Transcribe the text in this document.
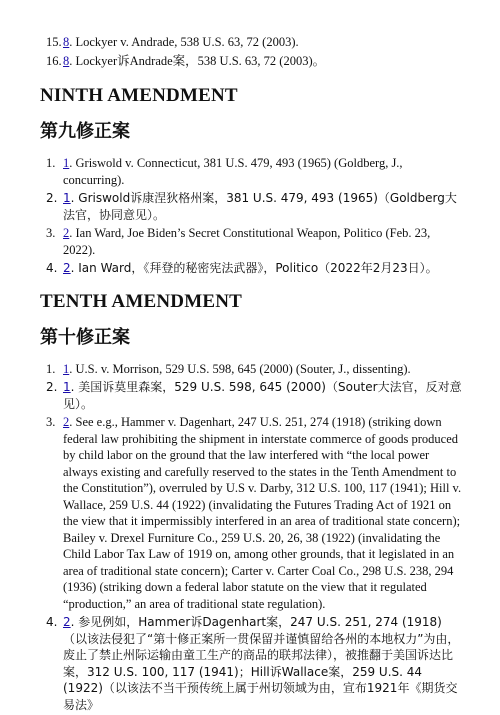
15. 8. Lockyer v. Andrade, 538 U.S. 63, 72 (2003).
16. 8. Lockyer诉Andrade案，538 U.S. 63, 72 (2003)。
NINTH AMENDMENT
第九修正案
1. 1. Griswold v. Connecticut, 381 U.S. 479, 493 (1965) (Goldberg, J., concurring).
2. 1. Griswold诉康涅狄格州案，381 U.S. 479, 493 (1965)（Goldberg大法官，协同意见）。
3. 2. Ian Ward, Joe Biden’s Secret Constitutional Weapon, Politico (Feb. 23, 2022).
4. 2. Ian Ward，《拜登的秘密宪法武器》，Politico（2022年2月23日）。
TENTH AMENDMENT
第十修正案
1. 1. U.S. v. Morrison, 529 U.S. 598, 645 (2000) (Souter, J., dissenting).
2. 1. 美国诉莫里森案，529 U.S. 598, 645 (2000)（Souter大法官，反对意见）。
3. 2. See e.g., Hammer v. Dagenhart, 247 U.S. 251, 274 (1918) (striking down federal law prohibiting the shipment in interstate commerce of goods produced by child labor on the ground that the law interfered with “the local power always existing and carefully reserved to the states in the Tenth Amendment to the Constitution”), overruled by U.S v. Darby, 312 U.S. 100, 117 (1941); Hill v. Wallace, 259 U.S. 44 (1922) (invalidating the Futures Trading Act of 1921 on the view that it impermissibly interfered in an area of traditional state concern); Bailey v. Drexel Furniture Co., 259 U.S. 20, 26, 38 (1922) (invalidating the Child Labor Tax Law of 1919 on, among other grounds, that it legislated in an area of traditional state concern); Carter v. Carter Coal Co., 298 U.S. 238, 294 (1936) (striking down a federal labor statute on the view that it regulated “production,” an area of traditional state regulation).
4. 2. 参见例如，Hammer诉Dagenhart案，247 U.S. 251, 274 (1918)（以该法侵犯了“第十修正案所一贯保留并谨慎留给各州的本地权力”为由，废止了禁止州际运输由童工生产的商品的联邦法律），被推翻于美国诉达比案，312 U.S. 100, 117 (1941)；Hill诉Wallace案，259 U.S. 44 (1922)（以该法不当干预传统上属于州切领域为由，宣布1921年《期货交易法》
